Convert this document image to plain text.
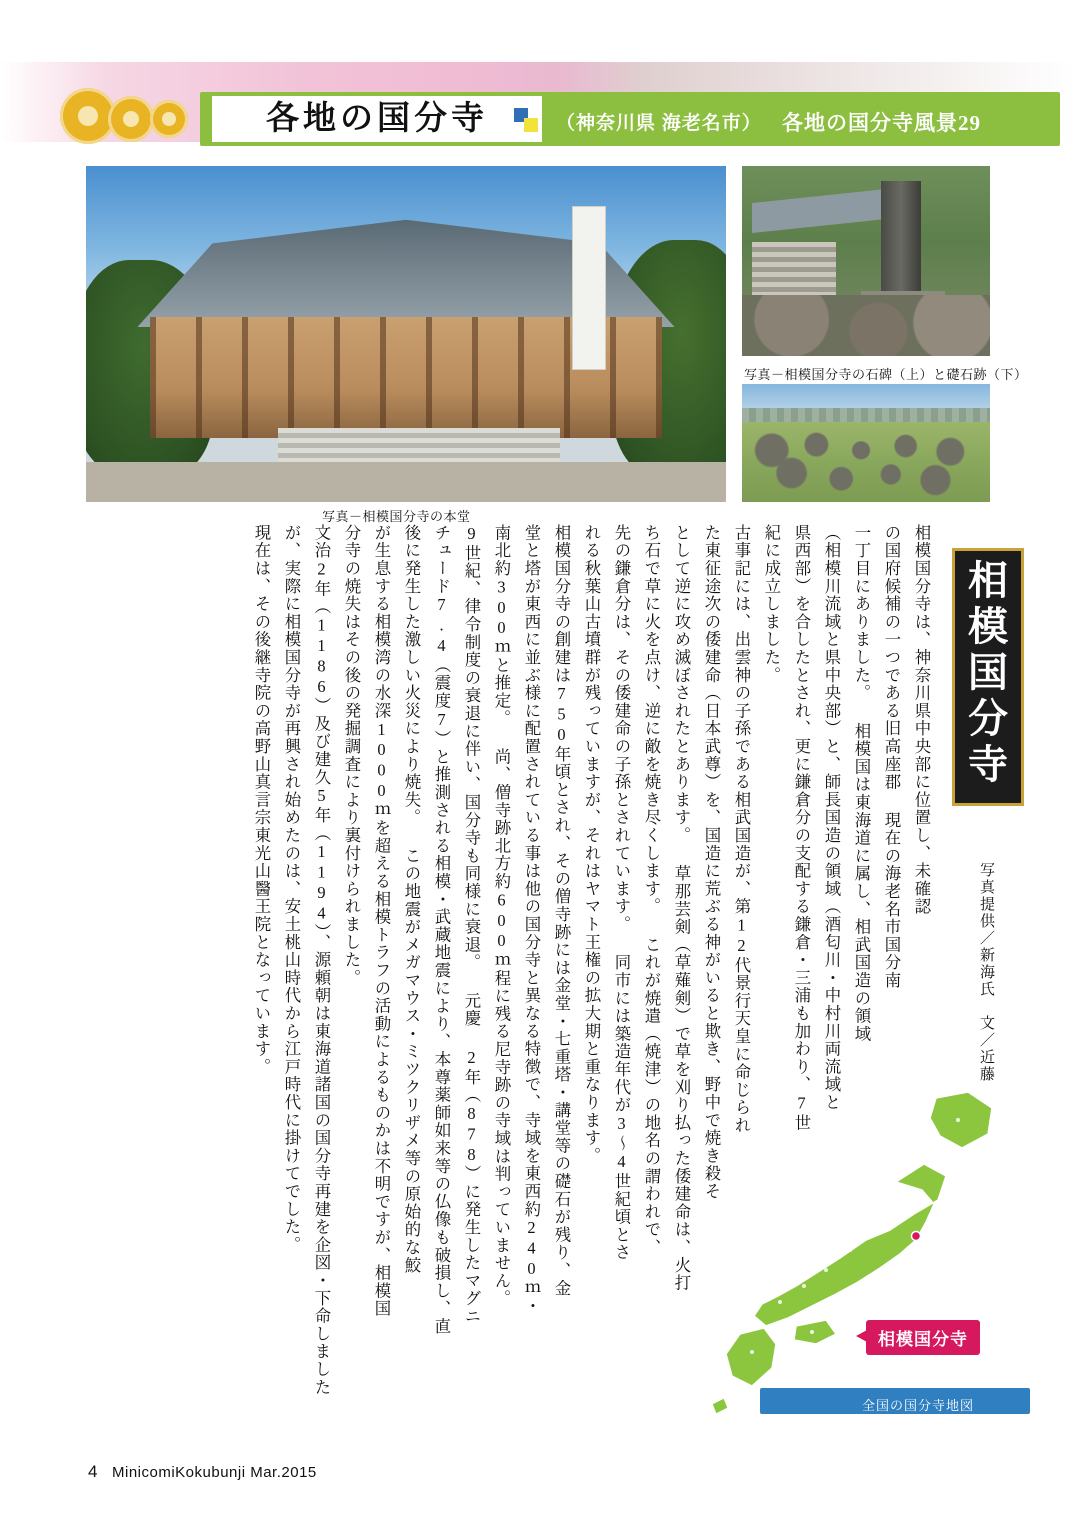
各地の国分寺	（神奈川県 海老名市） 各地の国分寺風景29
写真－相模国分寺の本堂
写真－相模国分寺の石碑（上）と礎石跡（下）
相模国分寺
写真提供／新海氏　文／近藤
相模国分寺は、神奈川県中央部に位置し、未確認
の国府候補の一つである旧高座郡 現在の海老名市国分南
一丁目にありました。 相模国は東海道に属し、相武国造の領域
（相模川流域と県中央部）と、師長国造の領域（酒匂川・中村川両流域と
県西部）を合したとされ、更に鎌倉分の支配する鎌倉・三浦も加わり、7世
紀に成立しました。
古事記には、出雲神の子孫である相武国造が、第12代景行天皇に命じられ
た東征途次の倭建命（日本武尊）を、国造に荒ぶる神がいると欺き、野中で焼き殺そ
として逆に攻め滅ぼされたとあります。 草那芸剣（草薙剣）で草を刈り払った倭建命は、火打
ち石で草に火を点け、逆に敵を焼き尽くします。 これが焼遣（焼津）の地名の謂われで、
先の鎌倉分は、その倭建命の子孫とされています。 同市には築造年代が3～4世紀頃とさ
れる秋葉山古墳群が残っていますが、それはヤマト王権の拡大期と重なります。
相模国分寺の創建は750年頃とされ、その僧寺跡には金堂・七重塔・講堂等の礎石が残り、金
堂と塔が東西に並ぶ様に配置されている事は他の国分寺と異なる特徴で、寺域を東西約240ｍ・
南北約300ｍと推定。 尚、僧寺跡北方約600ｍ程に残る尼寺跡の寺域は判っていません。
9世紀、律令制度の衰退に伴い、国分寺も同様に衰退。 元慶 2年（878）に発生したマグニ
チュード7.4（震度7）と推測される相模・武蔵地震により、本尊薬師如来等の仏像も破損し、直
後に発生した激しい火災により焼失。 この地震がメガマウス・ミツクリザメ等の原始的な鮫
が生息する相模湾の水深1000ｍを超える相模トラフの活動によるものかは不明ですが、相模国
分寺の焼失はその後の発掘調査により裏付けられました。
文治2年（1186）及び建久5年（1194）、源頼朝は東海道諸国の国分寺再建を企図・下命しました
が、実際に相模国分寺が再興され始めたのは、安土桃山時代から江戸時代に掛けてでした。
現在は、その後継寺院の高野山真言宗東光山醫王院となっています。
相模国分寺
全国の国分寺地図
4 MinicomiKokubunji Mar.2015
